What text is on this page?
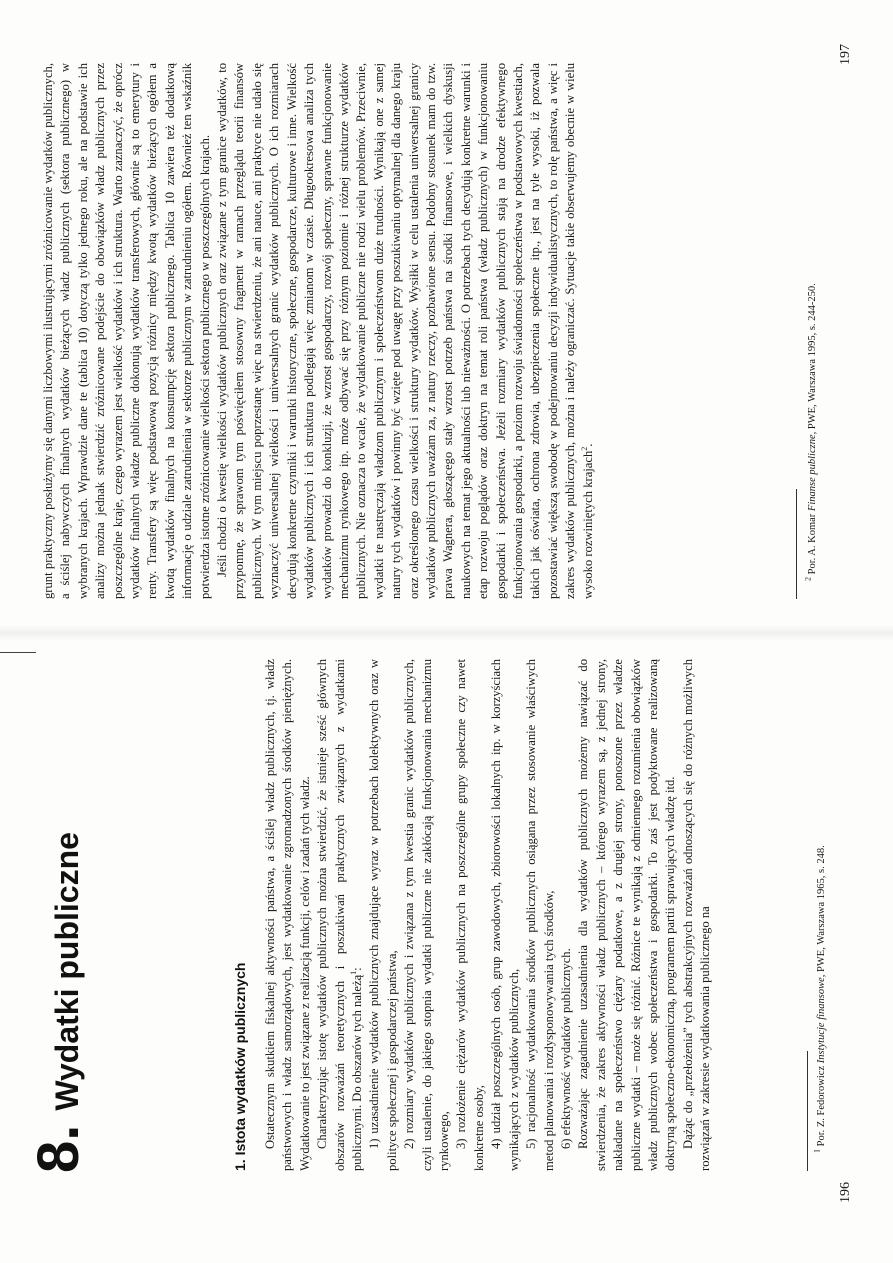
8
.
Wydatki publiczne	1. Istota wydatków publicznych Ostatecznym skutkiem fiskalnej aktywności państwa, a ściślej władz publicznych, tj. władz państwowych i władz samorządowych, jest wydatkowanie zgromadzonych środków pieniężnych. Wydatkowanie to jest związane z realizacją funkcji, celów i zadań tych władz. Charakteryzując istotę wydatków publicznych można stwierdzić, że istnieje sześć głównych obszarów rozważań teoretycznych i poszukiwań praktycznych związanych z wydatkami publicznymi. Do obszarów tych należą$^1$: 1) uzasadnienie wydatków publicznych znajdujące wyraz w potrzebach kolektywnych oraz w polityce społecznej i gospodarczej państwa, 2) rozmiary wydatków publicznych i związana z tym kwestia granic wydatków publicznych, czyli ustalenie, do jakiego stopnia wydatki publiczne nie zakłócają funkcjonowania mechanizmu rynkowego, 3) rozłożenie ciężarów wydatków publicznych na poszczególne grupy społeczne czy nawet konkretne osoby, 4) udział poszczególnych osób, grup zawodowych, zbiorowości lokalnych itp. w korzyściach wynikających z wydatków publicznych, 5) racjonalność wydatkowania środków publicznych osiągana przez stosowanie właściwych metod planowania i rozdysponowywania tych środków, 6) efektywność wydatków publicznych. Rozważając zagadnienie uzasadnienia dla wydatków publicznych możemy nawiązać do stwierdzenia, że zakres aktywności władz publicznych – którego wyrazem są, z jednej strony, nakładane na społeczeństwo ciężary podatkowe, a z drugiej strony, ponoszone przez władze publiczne wydatki – może się różnić. Różnice te wynikają z odmiennego rozumienia obowiązków władz publicznych wobec społeczeństwa i gospodarki. To zaś jest podyktowane realizowaną doktryną społeczno-ekonomiczną, programem partii sprawujących władzę itd. Dążąc do „przełożenia” tych abstrakcyjnych rozważań odnoszących się do różnych możliwych rozwiązań w zakresie wydatkowania publicznego na	$^1$ Por. Z. Fedorowicz Instytucje finansowe, PWE, Warszawa 1965, s. 248.
196

grunt praktyczny posłużymy się danymi liczbowymi ilustrującymi zróżnicowanie wydatków publicznych, a ściślej nabywczych finalnych wydatków bieżących władz publicznych (sektora publicznego) w wybranych krajach. Wprawdzie dane te (tablica 10) dotyczą tylko jednego roku, ale na podstawie ich analizy można jednak stwierdzić zróżnicowane podejście do obowiązków władz publicznych przez poszczególne kraje, czego wyrazem jest wielkość wydatków i ich struktura. Warto zaznaczyć, że oprócz wydatków finalnych władze publiczne dokonują wydatków transferowych, głównie są to emerytury i renty. Transfery są więc podstawową pozycją różnicy między kwotą wydatków bieżących ogółem a kwotą wydatków finalnych na konsumpcję sektora publicznego. Tablica 10 zawiera też dodatkową informację o udziale zatrudnienia w sektorze publicznym w zatrudnieniu ogółem. Również ten wskaźnik potwierdza istotne zróżnicowanie wielkości sektora publicznego w poszczególnych krajach. Jeśli chodzi o kwestię wielkości wydatków publicznych oraz związane z tym granice wydatków, to przypomnę, że sprawom tym poświęciłem stosowny fragment w ramach przeglądu teorii finansów publicznych. W tym miejscu poprzestanę więc na stwierdzeniu, że ani nauce, ani praktyce nie udało się wyznaczyć uniwersalnej wielkości i uniwersalnych granic wydatków publicznych. O ich rozmiarach decydują konkretne czynniki i warunki historyczne, społeczne, gospodarcze, kulturowe i inne. Wielkość wydatków publicznych i ich struktura podlegają więc zmianom w czasie. Długookresowa analiza tych wydatków prowadzi do konkluzji, że wzrost gospodarczy, rozwój społeczny, sprawne funkcjonowanie mechanizmu rynkowego itp. może odbywać się przy różnym poziomie i różnej strukturze wydatków publicznych. Nie oznacza to wcale, że wydatkowanie publiczne nie rodzi wielu problemów. Przeciwnie, wydatki te nastręczają władzom publicznym i społeczeństwom duże trudności. Wynikają one z samej natury tych wydatków i powinny być wzięte pod uwagę przy poszukiwaniu optymalnej dla danego kraju oraz określonego czasu wielkości i struktury wydatków. Wysiłki w celu ustalenia uniwersalnej granicy wydatków publicznych uważam za, z natury rzeczy, pozbawione sensu. Podobny stosunek mam do tzw. prawa Wagnera, głoszącego stały wzrost potrzeb państwa na środki finansowe, i wielkich dyskusji naukowych na temat jego aktualności lub nieważności. O potrzebach tych decydują konkretne warunki i etap rozwoju poglądów oraz doktryn na temat roli państwa (władz publicznych) w funkcjonowaniu gospodarki i społeczeństwa. Jeżeli rozmiary wydatków publicznych stają na drodze efektywnego funkcjonowania gospodarki, a poziom rozwoju świadomości społeczeństwa w podstawowych kwestiach, takich jak oświata, ochrona zdrowia, ubezpieczenia społeczne itp., jest na tyle wysoki, iż pozwala pozostawiać większą swobodę w podejmowaniu decyzji indywidualistycznych, to rolę państwa, a więc i zakres wydatków publicznych, można i należy ograniczać. Sytuacje takie obserwujemy obecnie w wielu wysoko rozwiniętych krajach$^2$.

$^2$ Por. A. Komar Finanse publiczne, PWE, Warszawa 1995, s. 244-250.
197
